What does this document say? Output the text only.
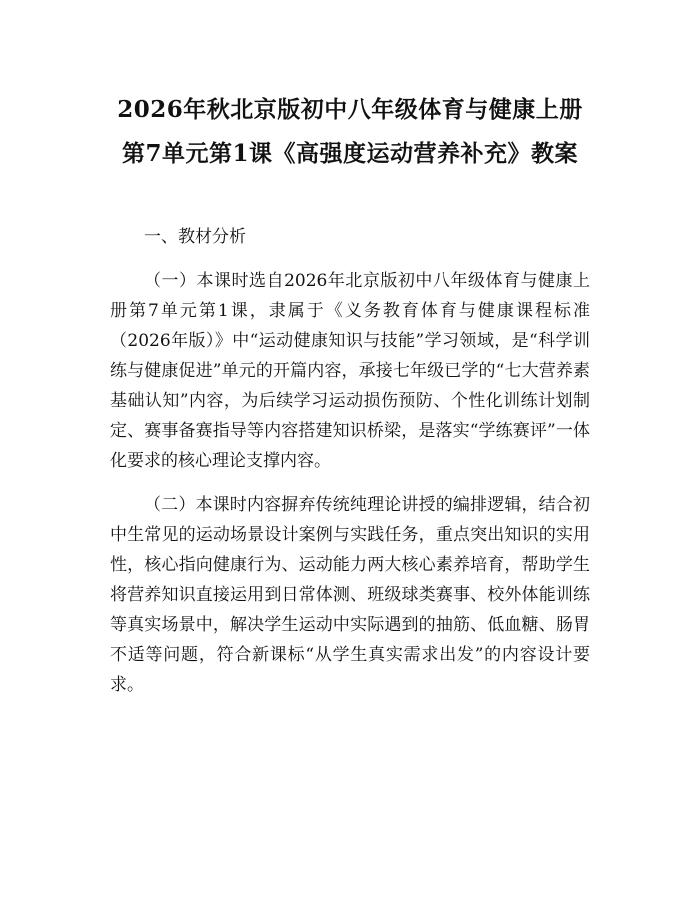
2026年秋北京版初中八年级体育与健康上册第7单元第1课《高强度运动营养补充》教案

一、教材分析

（一）本课时选自2026年北京版初中八年级体育与健康上册第7单元第1课，隶属于《义务教育体育与健康课程标准（2026年版）》中“运动健康知识与技能”学习领域，是“科学训练与健康促进”单元的开篇内容，承接七年级已学的“七大营养素基础认知”内容，为后续学习运动损伤预防、个性化训练计划制定、赛事备赛指导等内容搭建知识桥梁，是落实“学练赛评”一体化要求的核心理论支撑内容。

（二）本课时内容摒弃传统纯理论讲授的编排逻辑，结合初中生常见的运动场景设计案例与实践任务，重点突出知识的实用性，核心指向健康行为、运动能力两大核心素养培育，帮助学生将营养知识直接运用到日常体测、班级球类赛事、校外体能训练等真实场景中，解决学生运动中实际遇到的抽筋、低血糖、肠胃不适等问题，符合新课标“从学生真实需求出发”的内容设计要求。
